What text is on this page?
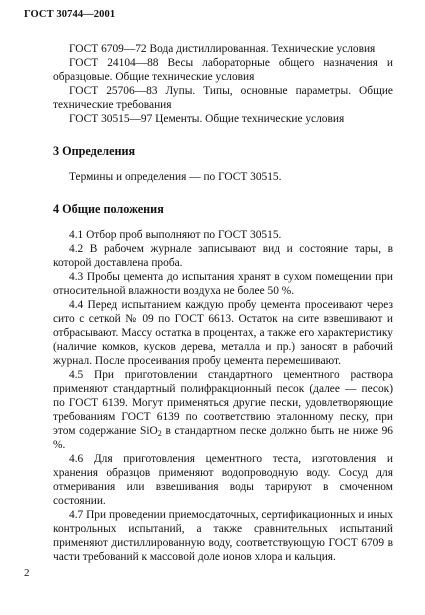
ГОСТ 30744—2001

ГОСТ 6709—72 Вода дистиллированная. Технические условия

ГОСТ 24104—88 Весы лабораторные общего назначения и образцовые. Общие технические условия

ГОСТ 25706—83 Лупы. Типы, основные параметры. Общие технические требования

ГОСТ 30515—97 Цементы. Общие технические условия

3 Определения

Термины и определения — по ГОСТ 30515.

4 Общие положения

4.1 Отбор проб выполняют по ГОСТ 30515.

4.2 В рабочем журнале записывают вид и состояние тары, в которой доставлена проба.

4.3 Пробы цемента до испытания хранят в сухом помещении при относительной влажности воздуха не более 50 %.

4.4 Перед испытанием каждую пробу цемента просеивают через сито с сеткой № 09 по ГОСТ 6613. Остаток на сите взвешивают и отбрасывают. Массу остатка в процентах, а также его характеристику (наличие комков, кусков дерева, металла и пр.) заносят в рабочий журнал. После просеивания пробу цемента перемешивают.

4.5 При приготовлении стандартного цементного раствора применяют стандартный полифракционный песок (далее — песок) по ГОСТ 6139. Могут применяться другие пески, удовлетворяющие требованиям ГОСТ 6139 по соответствию эталонному песку, при этом содержание SiO$_2$ в стандартном песке должно быть не ниже 96 %.

4.6 Для приготовления цементного теста, изготовления и хранения образцов применяют водопроводную воду. Сосуд для отмеривания или взвешивания воды тарируют в смоченном состоянии.

4.7 При проведении приемосдаточных, сертификационных и иных контрольных испытаний, а также сравнительных испытаний применяют дистиллированную воду, соответствующую ГОСТ 6709 в части требований к массовой доле ионов хлора и кальция.

2
